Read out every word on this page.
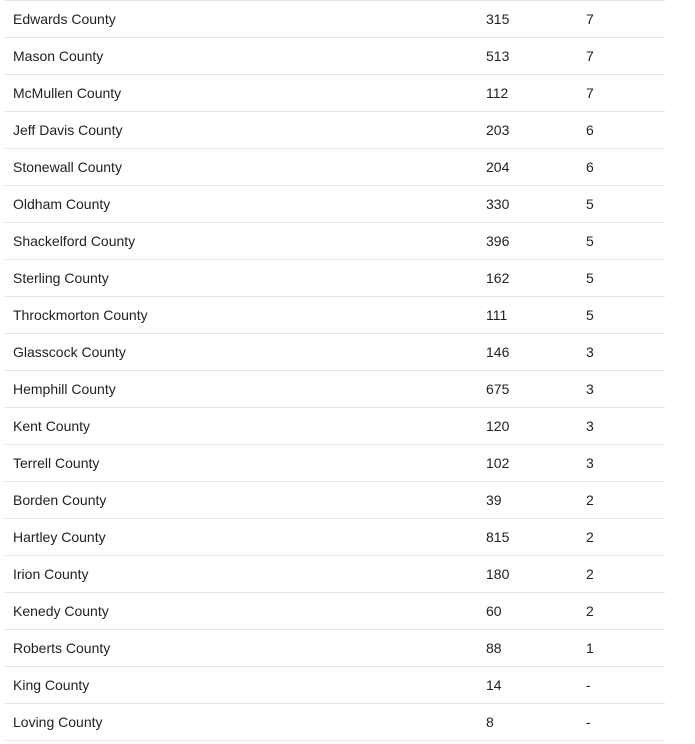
Edwards County	315	7
Mason County	513	7
McMullen County	112	7
Jeff Davis County	203	6
Stonewall County	204	6
Oldham County	330	5
Shackelford County	396	5
Sterling County	162	5
Throckmorton County	111	5
Glasscock County	146	3
Hemphill County	675	3
Kent County	120	3
Terrell County	102	3
Borden County	39	2
Hartley County	815	2
Irion County	180	2
Kenedy County	60	2
Roberts County	88	1
King County	14	-
Loving County	8	-
